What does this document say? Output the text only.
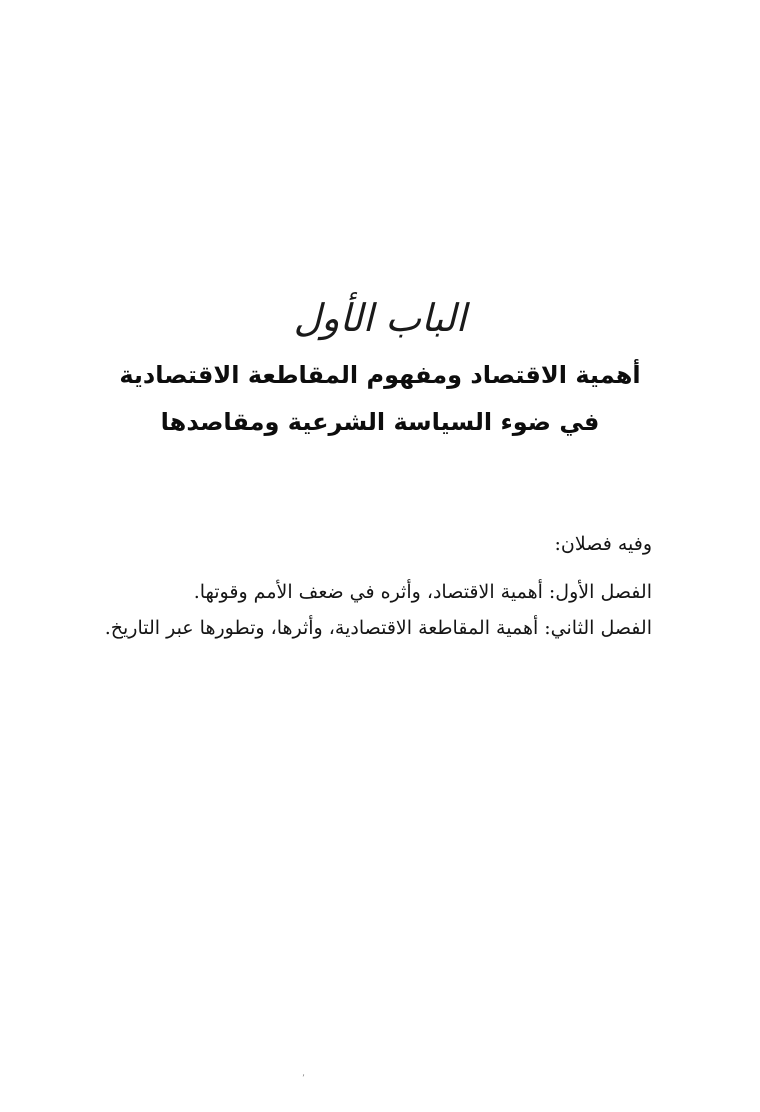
الباب الأول
أهمية الاقتصاد ومفهوم المقاطعة الاقتصادية
في ضوء السياسة الشرعية ومقاصدها
وفيه فصلان:
الفصل الأول: أهمية الاقتصاد، وأثره في ضعف الأمم وقوتها.
الفصل الثاني: أهمية المقاطعة الاقتصادية، وأثرها، وتطورها عبر التاريخ.
٬
